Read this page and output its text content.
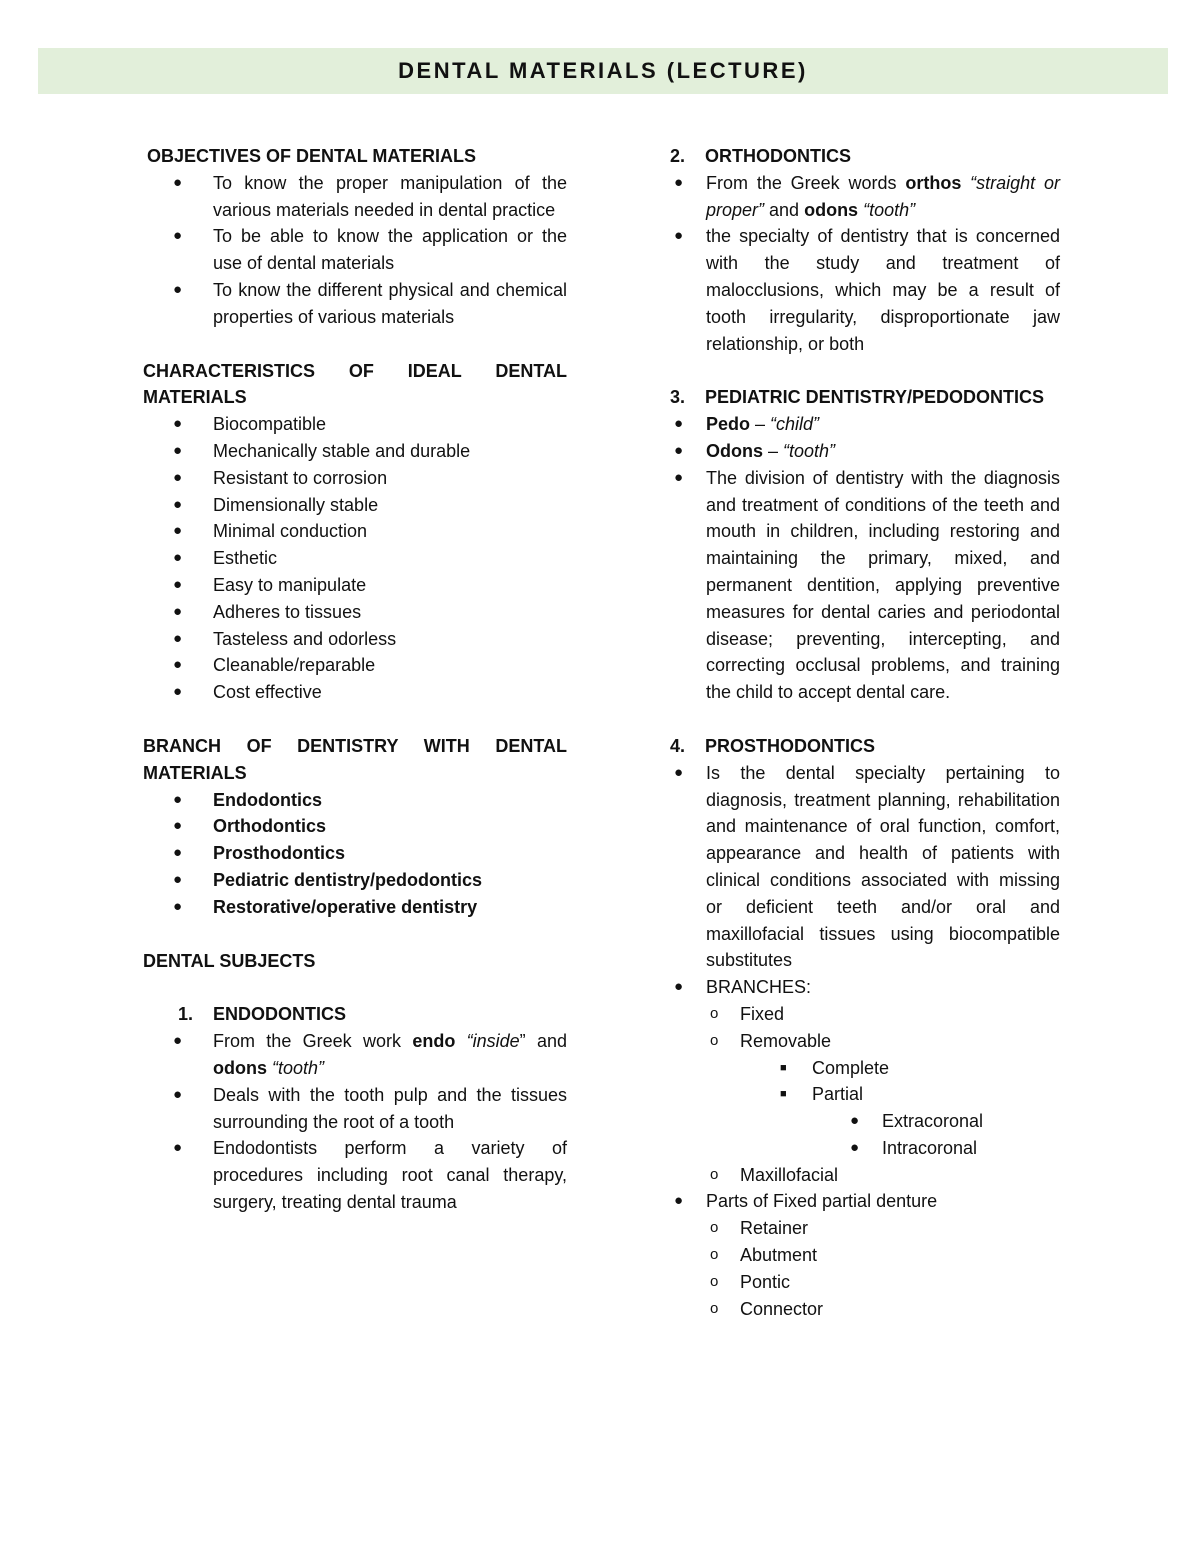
DENTAL MATERIALS (LECTURE)

OBJECTIVES OF DENTAL MATERIALS

●	To know the proper manipulation of the various materials needed in dental practice
●	To be able to know the application or the use of dental materials
●	To know the different physical and chemical properties of various materials

CHARACTERISTICS OF IDEAL DENTAL

MATERIALS

●	Biocompatible
●	Mechanically stable and durable
●	Resistant to corrosion
●	Dimensionally stable
●	Minimal conduction
●	Esthetic
●	Easy to manipulate
●	Adheres to tissues
●	Tasteless and odorless
●	Cleanable/reparable
●	Cost effective

BRANCH OF DENTISTRY WITH DENTAL

MATERIALS

●	Endodontics
●	Orthodontics
●	Prosthodontics
●	Pediatric dentistry/pedodontics
●	Restorative/operative dentistry

DENTAL SUBJECTS

1.	ENDODONTICS
●	From the Greek work endo “inside” and odons “tooth”
●	Deals with the tooth pulp and the tissues surrounding the root of a tooth
●	Endodontists perform a variety of procedures including root canal therapy, surgery, treating dental trauma
2.	ORTHODONTICS
●	From the Greek words orthos “straight or proper” and odons “tooth”
●	the specialty of dentistry that is concerned with the study and treatment of malocclusions, which may be a result of tooth irregularity, disproportionate jaw relationship, or both
3.	PEDIATRIC DENTISTRY/PEDODONTICS
●	Pedo – “child”
●	Odons – “tooth”
●	The division of dentistry with the diagnosis and treatment of conditions of the teeth and mouth in children, including restoring and maintaining the primary, mixed, and permanent dentition, applying preventive measures for dental caries and periodontal disease; preventing, intercepting, and correcting occlusal problems, and training the child to accept dental care.
4.	PROSTHODONTICS
●	Is the dental specialty pertaining to diagnosis, treatment planning, rehabilitation and maintenance of oral function, comfort, appearance and health of patients with clinical conditions associated with missing or deficient teeth and/or oral and maxillofacial tissues using biocompatible substitutes
●	BRANCHES:
o	Fixed
o	Removable
■	Complete
■	Partial
●	Extracoronal
●	Intracoronal
o	Maxillofacial
●	Parts of Fixed partial denture
o	Retainer
o	Abutment
o	Pontic
o	Connector
